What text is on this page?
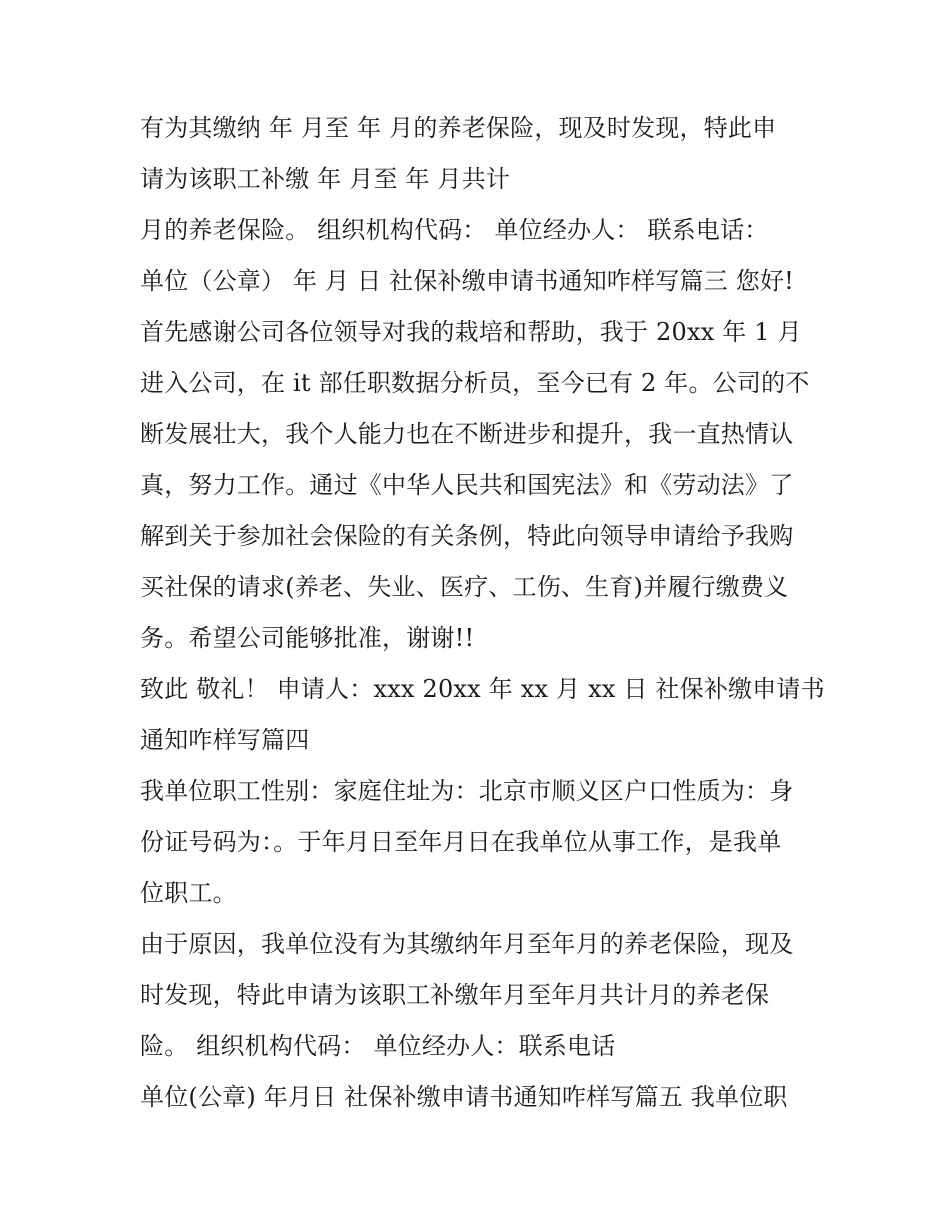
有为其缴纳 年 月至 年 月的养老保险，现及时发现，特此申

请为该职工补缴 年 月至 年 月共计

月的养老保险。 组织机构代码： 单位经办人： 联系电话：

单位（公章） 年 月 日 社保补缴申请书通知咋样写篇三 您好!

首先感谢公司各位领导对我的栽培和帮助，我于 20xx 年 1 月

进入公司，在 it 部任职数据分析员，至今已有 2 年。公司的不

断发展壮大，我个人能力也在不断进步和提升，我一直热情认

真，努力工作。通过《中华人民共和国宪法》和《劳动法》了

解到关于参加社会保险的有关条例，特此向领导申请给予我购

买社保的请求(养老、失业、医疗、工伤、生育)并履行缴费义

务。希望公司能够批准，谢谢!!

致此 敬礼！ 申请人：xxx 20xx 年 xx 月 xx 日 社保补缴申请书

通知咋样写篇四

我单位职工性别：家庭住址为：北京市顺义区户口性质为：身

份证号码为：。于年月日至年月日在我单位从事工作，是我单

位职工。

由于原因，我单位没有为其缴纳年月至年月的养老保险，现及

时发现，特此申请为该职工补缴年月至年月共计月的养老保

险。 组织机构代码： 单位经办人：联系电话

单位(公章) 年月日 社保补缴申请书通知咋样写篇五 我单位职
